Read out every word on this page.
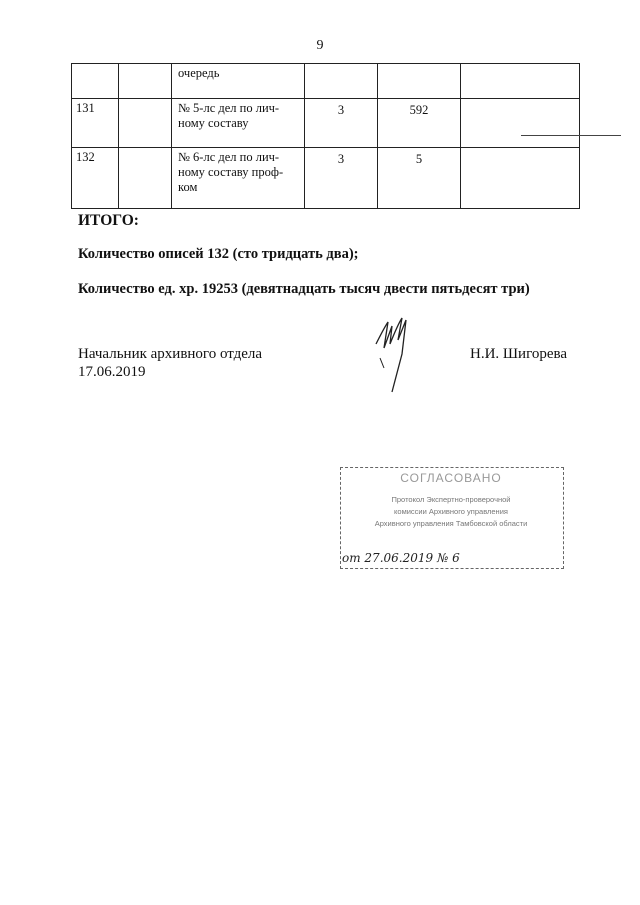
9
		очередь			
131		№ 5-лс дел по лич-ному составу	3	592	

132		№ 6-лс дел по лич-ному составу проф-ком	3	5	
ИТОГО:
Количество описей 132 (сто тридцать два);
Количество ед. хр. 19253 (девятнадцать тысяч двести пятьдесят три)
Начальник архивного отдела
17.06.2019
Н.И. Шигорева
СОГЛАСОВАНО
Протокол Экспертно-проверочной
комиссии Архивного управления
Архивного управления Тамбовской области
от 27.06.2019 № 6
